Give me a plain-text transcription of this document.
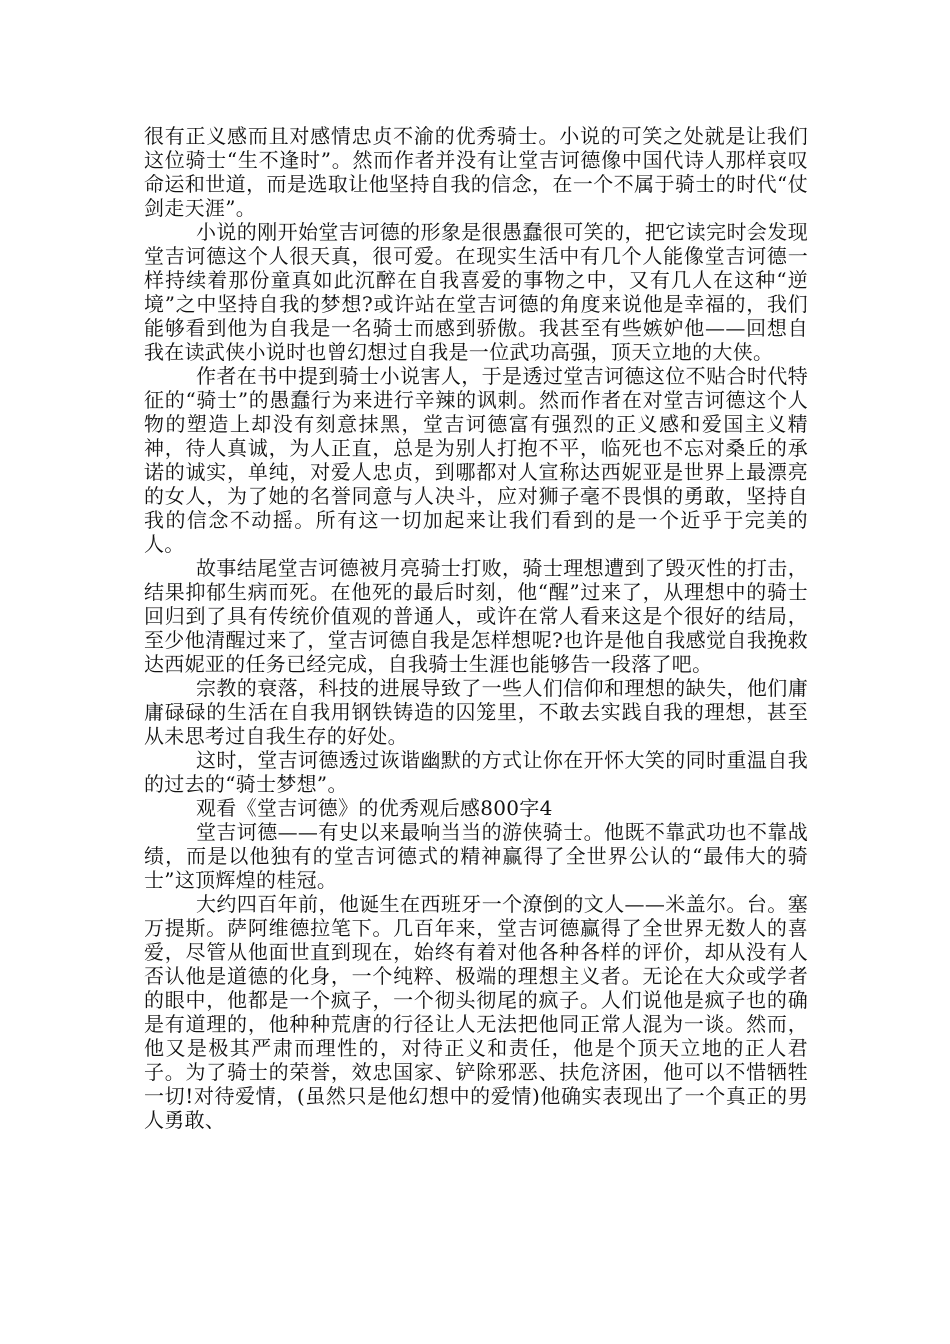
很有正义感而且对感情忠贞不渝的优秀骑士。小说的可笑之处就是让我们这位骑士“生不逢时”。然而作者并没有让堂吉诃德像中国代诗人那样哀叹命运和世道，而是选取让他坚持自我的信念，在一个不属于骑士的时代“仗剑走天涯”。

小说的刚开始堂吉诃德的形象是很愚蠢很可笑的，把它读完时会发现堂吉诃德这个人很天真，很可爱。在现实生活中有几个人能像堂吉诃德一样持续着那份童真如此沉醉在自我喜爱的事物之中，又有几人在这种“逆境”之中坚持自我的梦想?或许站在堂吉诃德的角度来说他是幸福的，我们能够看到他为自我是一名骑士而感到骄傲。我甚至有些嫉妒他——回想自我在读武侠小说时也曾幻想过自我是一位武功高强，顶天立地的大侠。

作者在书中提到骑士小说害人，于是透过堂吉诃德这位不贴合时代特征的“骑士”的愚蠢行为来进行辛辣的讽刺。然而作者在对堂吉诃德这个人物的塑造上却没有刻意抹黑，堂吉诃德富有强烈的正义感和爱国主义精神，待人真诚，为人正直，总是为别人打抱不平，临死也不忘对桑丘的承诺的诚实，单纯，对爱人忠贞，到哪都对人宣称达西妮亚是世界上最漂亮的女人，为了她的名誉同意与人决斗，应对狮子毫不畏惧的勇敢，坚持自我的信念不动摇。所有这一切加起来让我们看到的是一个近乎于完美的人。

故事结尾堂吉诃德被月亮骑士打败，骑士理想遭到了毁灭性的打击，结果抑郁生病而死。在他死的最后时刻，他“醒”过来了，从理想中的骑士回归到了具有传统价值观的普通人，或许在常人看来这是个很好的结局，至少他清醒过来了，堂吉诃德自我是怎样想呢?也许是他自我感觉自我挽救达西妮亚的任务已经完成，自我骑士生涯也能够告一段落了吧。

宗教的衰落，科技的进展导致了一些人们信仰和理想的缺失，他们庸庸碌碌的生活在自我用钢铁铸造的囚笼里，不敢去实践自我的理想，甚至从未思考过自我生存的好处。

这时，堂吉诃德透过诙谐幽默的方式让你在开怀大笑的同时重温自我的过去的“骑士梦想”。

观看《堂吉诃德》的优秀观后感800字4

堂吉诃德——有史以来最响当当的游侠骑士。他既不靠武功也不靠战绩，而是以他独有的堂吉诃德式的精神赢得了全世界公认的“最伟大的骑士”这顶辉煌的桂冠。

大约四百年前，他诞生在西班牙一个潦倒的文人——米盖尔。台。塞万提斯。萨阿维德拉笔下。几百年来，堂吉诃德赢得了全世界无数人的喜爱，尽管从他面世直到现在，始终有着对他各种各样的评价，却从没有人否认他是道德的化身，一个纯粹、极端的理想主义者。无论在大众或学者的眼中，他都是一个疯子，一个彻头彻尾的疯子。人们说他是疯子也的确是有道理的，他种种荒唐的行径让人无法把他同正常人混为一谈。然而，他又是极其严肃而理性的，对待正义和责任，他是个顶天立地的正人君子。为了骑士的荣誉，效忠国家、铲除邪恶、扶危济困，他可以不惜牺牲一切!对待爱情，(虽然只是他幻想中的爱情)他确实表现出了一个真正的男人勇敢、
